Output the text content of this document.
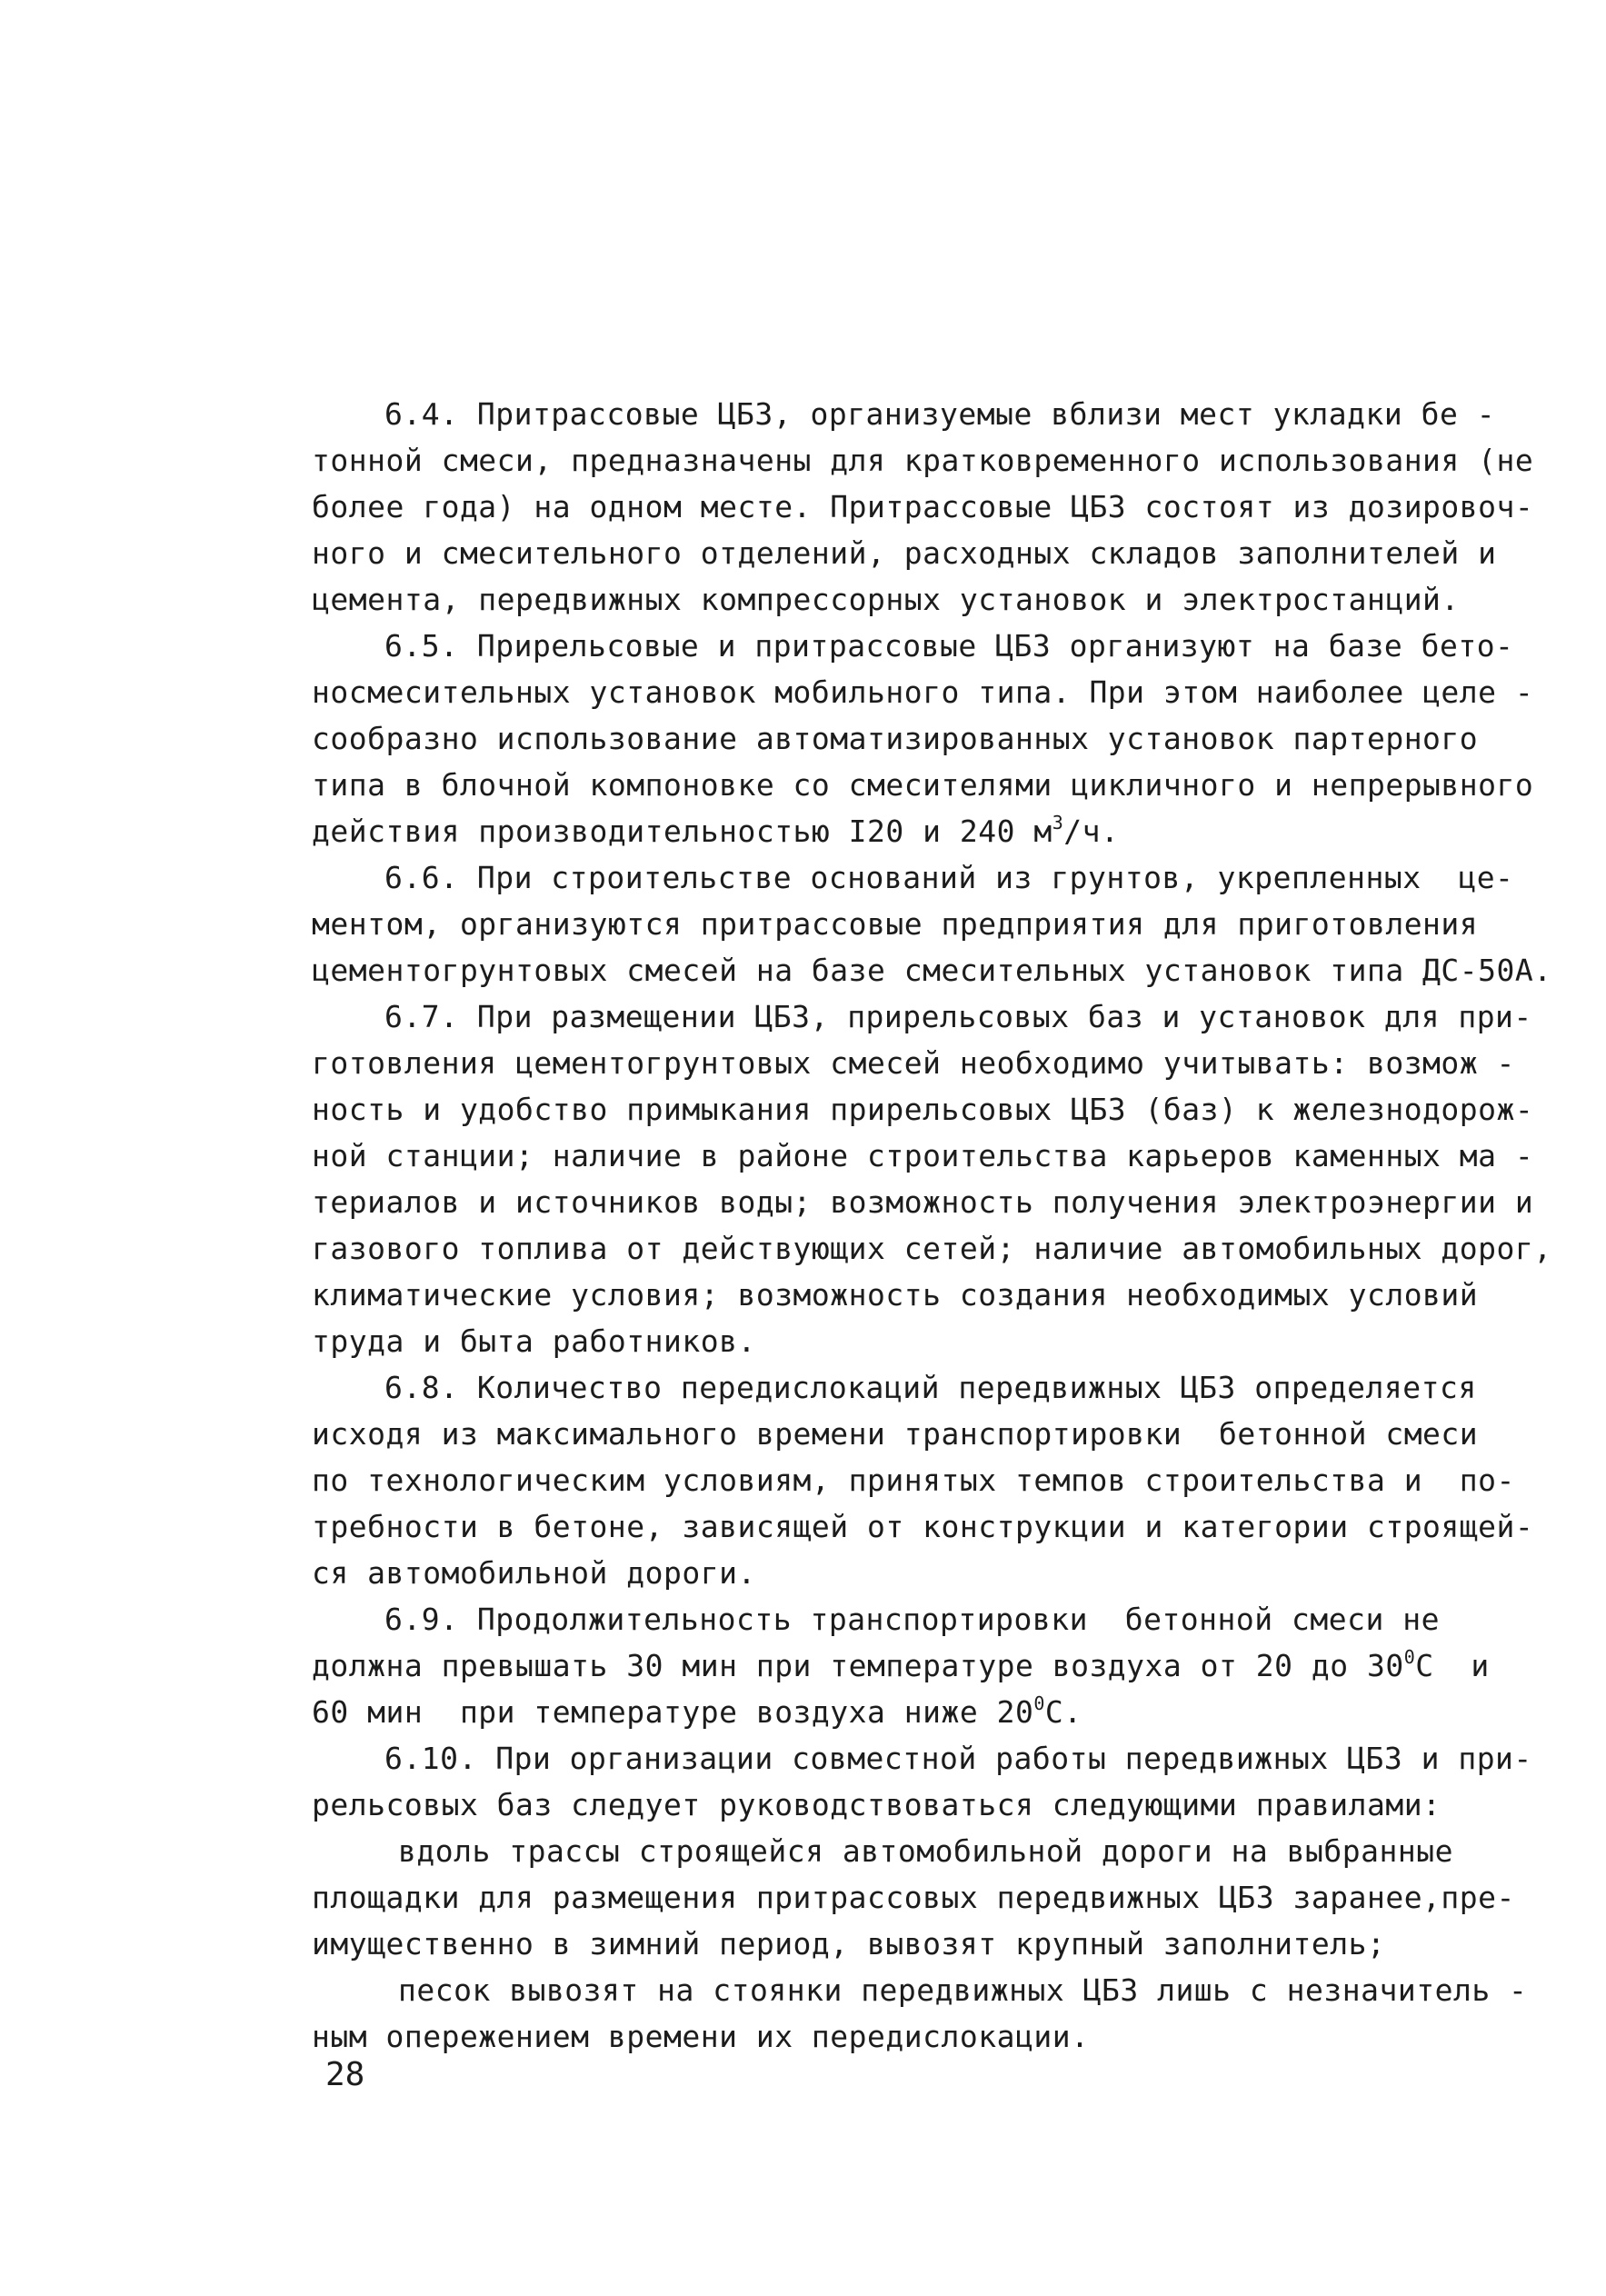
6.4. Притрассовые ЦБЗ, организуемые вблизи мест укладки бе -
тонной смеси, предназначены для кратковременного использования (не
более года) на одном месте. Притрассовые ЦБЗ состоят из дозировоч-
ного и смесительного отделений, расходных складов заполнителей и
цемента, передвижных компрессорных установок и электростанций.
6.5. Прирельсовые и притрассовые ЦБЗ организуют на базе бето-
носмесительных установок мобильного типа. При этом наиболее целе -
сообразно использование автоматизированных установок партерного
типа в блочной компоновке со смесителями цикличного и непрерывного
действия производительностью I20 и 240 $м^3/ч$.
6.6. При строительстве оснований из грунтов, укрепленных  це-
ментом, организуются притрассовые предприятия для приготовления
цементогрунтовых смесей на базе смесительных установок типа ДС-50А.
6.7. При размещении ЦБЗ, прирельсовых баз и установок для при-
готовления цементогрунтовых смесей необходимо учитывать: возмож -
ность и удобство примыкания прирельсовых ЦБЗ (баз) к железнодорож-
ной станции; наличие в районе строительства карьеров каменных ма -
териалов и источников воды; возможность получения электроэнергии и
газового топлива от действующих сетей; наличие автомобильных дорог,
климатические условия; возможность создания необходимых условий
труда и быта работников.
6.8. Количество передислокаций передвижных ЦБЗ определяется
исходя из максимального времени транспортировки  бетонной смеси
по технологическим условиям, принятых темпов строительства и  по-
требности в бетоне, зависящей от конструкции и категории строящей-
ся автомобильной дороги.
6.9. Продолжительность транспортировки  бетонной смеси не
должна превышать 30 мин при температуре воздуха от 20 до $30^0С$  и
60 мин  при температуре воздуха ниже $20^0С$.
6.10. При организации совместной работы передвижных ЦБЗ и при-
рельсовых баз следует руководствоваться следующими правилами:
вдоль трассы строящейся автомобильной дороги на выбранные
площадки для размещения притрассовых передвижных ЦБЗ заранее,пре-
имущественно в зимний период, вывозят крупный заполнитель;
песок вывозят на стоянки передвижных ЦБЗ лишь с незначитель -
ным опережением времени их передислокации.
28
